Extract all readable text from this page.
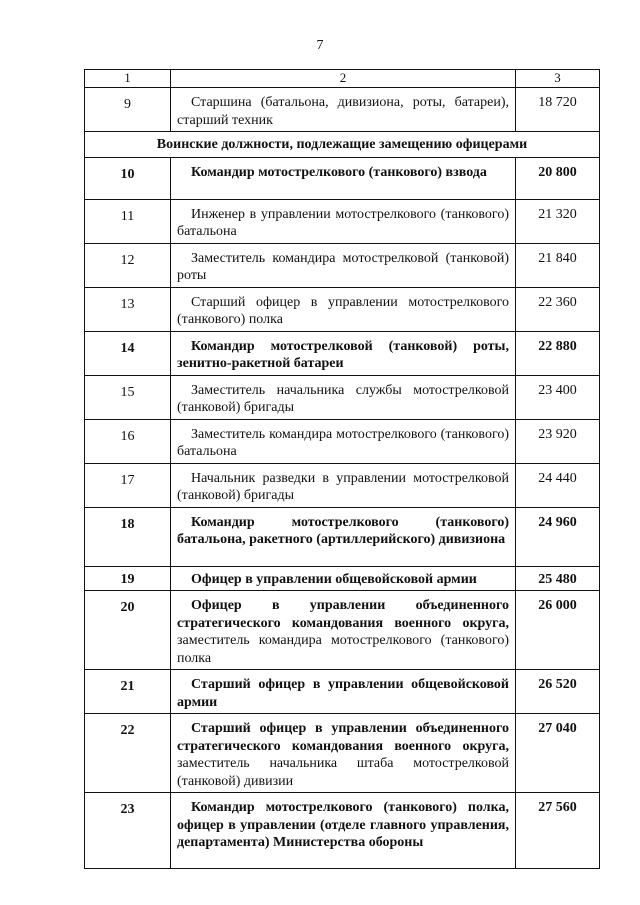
7
1	2	3
9	Старшина (батальона, дивизиона, роты, батареи), старший техник	18 720
Воинские должности, подлежащие замещению офицерами		
10	Командир мотострелкового (танкового) взвода	20 800
11	Инженер в управлении мотострелкового (танкового) батальона	21 320
12	Заместитель командира мотострелковой (танковой) роты	21 840
13	Старший офицер в управлении мотострелкового (танкового) полка	22 360
14	Командир мотострелковой (танковой) роты, зенитно-ракетной батареи	22 880
15	Заместитель начальника службы мотострелковой (танковой) бригады	23 400
16	Заместитель командира мотострелкового (танкового) батальона	23 920
17	Начальник разведки в управлении мотострелковой (танковой) бригады	24 440
18	Командир мотострелкового (танкового) батальона, ракетного (артиллерийского) дивизиона	24 960
19	Офицер в управлении общевойсковой армии	25 480
20	Офицер в управлении объединенного стратегического командования военного округа, заместитель командира мотострелкового (танкового) полка	26 000
21	Старший офицер в управлении общевойсковой армии	26 520
22	Старший офицер в управлении объединенного стратегического командования военного округа, заместитель начальника штаба мотострелковой (танковой) дивизии	27 040
23	Командир мотострелкового (танкового) полка, офицер в управлении (отделе главного управления, департамента) Министерства обороны	27 560
